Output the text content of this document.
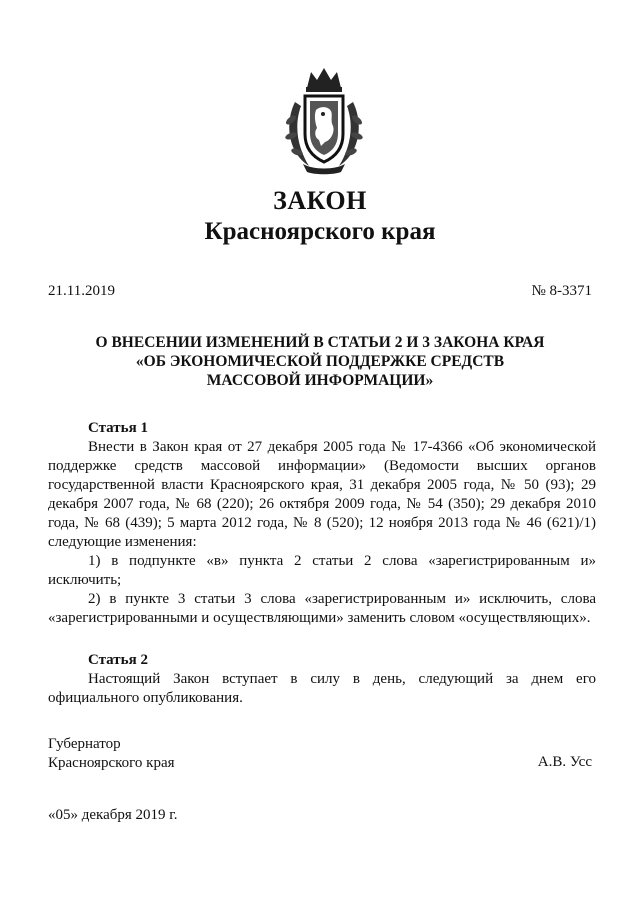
ЗАКОН
Красноярского края
21.11.2019	№ 8-3371
О ВНЕСЕНИИ ИЗМЕНЕНИЙ В СТАТЬИ 2 И 3 ЗАКОНА КРАЯ
«ОБ ЭКОНОМИЧЕСКОЙ ПОДДЕРЖКЕ СРЕДСТВ
МАССОВОЙ ИНФОРМАЦИИ»

Статья 1

Внести в Закон края от 27 декабря 2005 года № 17-4366 «Об экономической поддержке средств массовой информации» (Ведомости высших органов государственной власти Красноярского края, 31 декабря 2005 года, № 50 (93); 29 декабря 2007 года, № 68 (220); 26 октября 2009 года, № 54 (350); 29 декабря 2010 года, № 68 (439); 5 марта 2012 года, № 8 (520); 12 ноября 2013 года № 46 (621)/1) следующие изменения:

1) в подпункте «в» пункта 2 статьи 2 слова «зарегистрированным и» исключить;

2) в пункте 3 статьи 3 слова «зарегистрированным и» исключить, слова «зарегистрированными и осуществляющими» заменить словом «осуществляющих».

Статья 2

Настоящий Закон вступает в силу в день, следующий за днем его официального опубликования.

Губернатор
Красноярского края	А.В. Усс
«05» декабря 2019 г.
